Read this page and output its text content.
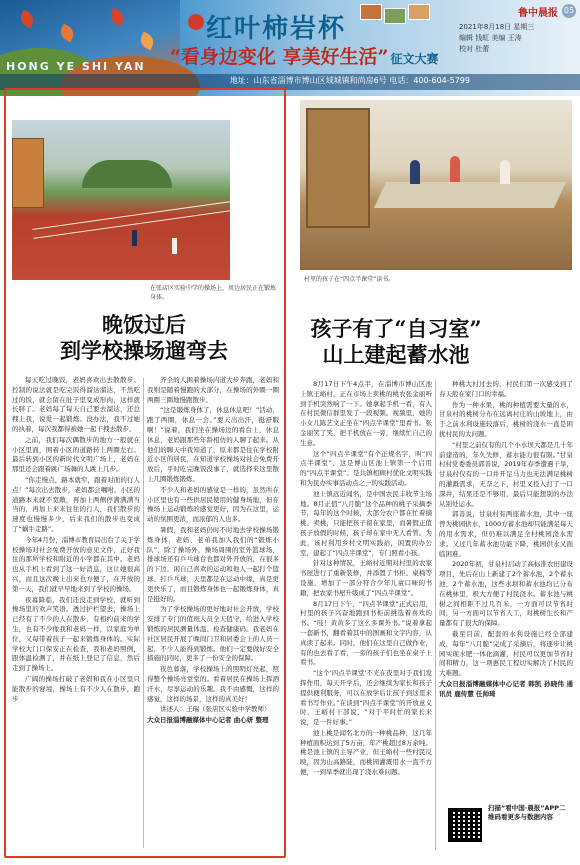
HONG YE SHI YAN
红叶柿岩杯
“看身边变化 享美好生活” 征文大赛
地址：山东省淄博市博山区域城镇和尚房6号 电话：400-604-5799
鲁中晨报 05
2021年8月18日 星期三
编辑 钱虹 美编 王涛
校对 杜蕾
在张店区实验中学的操场上，周边居民正在锻炼身体。
晚饭过后
到学校操场遛弯去

每天吃过晚饭，老妈喜欢出去散散步。控制的说法就是吃完饭得溜达溜达，不然吃过的饭，就会留在肚子里变成形肉，这样就长胖了。老妈每了每天自己要去溜达，还总拽上我，说爱一起锻炼。没办法，我不过她的执着，每次我都得被她一起干拽去散步。

之前，我们每次偶散步的地方一般就在小区里面，围着小区的道路转上两圈左右。最后转到小区的新时代文明广场上，老妈在那里还会跟着跳广场舞的人跳上几步。

“你走慢点，路本就窄，跟着对面的行人点！”每次出去散步，老妈都会嘱咐。小区的道路本来就不宽敞，再加上两侧停满满满当当的，再加上来来往往的行人，我们散步的速度也慢慢多少，后来我们的散步也变成了“蜗牛走路”。

今年4月份，淄博市教育局出台了关于学校操场对社会免费开放的意见文件，正好我住的那所学校和附近的小学都在其中。老妈也从手机上看到了这一好消息，这让她很高兴，而且这次晚上出来也方便了，在开放的第一天，我们就早早地来到了学校的操场。

夜幕降临，我们还没走到学校，就听到操场里的欢声笑语。透过护栏望去，操场上已经有了不少的人在散步，有相约前来的学生，也有不少像我和老妈一样，以家庭为单位，又每带着孩子一起来锻炼身体的。实际学校大门口保安正在检查，我和老妈照例，跟体温检测了，并在纸上登记了信息，然后走到了操场上。

广阔的操场打破了老妈和我在小区里只能散步的窘境，操场上有不少人在散步，跑步

齐全的人围着操场内道大步奔跑，老妈和我则是随着慢跑的大部分，在操场的外圈一圈两圈三圈地慢跑散步。

“这是锻炼身体了，休息休息吧！”活动，跑了两圈，休息一会。”要天出出汗，挺舒服啊！”说着，我们坐在操场边的看台上，休息休息，老妈跟那些年龄相仿的人聊了起来。从他们的聊天中我知道了，原来都是住在学校附近小区的居民，在知道学校操场对社会免费开放后，平时吃完晚饭没事了，就选择来这里散上几圈锻炼锻炼。

不少人和老妈的感觉是一样的，虽然所在小区里也有一些供居民使用的健身场地，但在操场上运动锻炼的感觉更好，因为在这里，运动的氛围更浓，而浓郁的人也多。

暑假，我和老妈仍时不时地去学校操场锻炼身体，老妈、老弟我加入我们的“锻炼小队”，除了操场外，操场周围的室外篮球场，排球场还有乒乓球台也都对外开放的，在很多的下边，闲自己喜欢的运动和他人一起打个篮球、打乒乓球，天里都是在运动中缘，真是更更快乐了，而且锻炼身体也一起锻炼身体，真是挺好的。

为了学校操场的更好地对社会开放，学校安排了专门的值班人员全天值守，给进入学校锻炼的居民测量体温、检查健康码。我老妈在社区居民开展了晚间门卫和居委会上的人员一起，不少人能得到锻炼。他们一定要做好安全措施的同时，更多了一份安全的保障。

夜色暮落，学校操场上的照明灯亮起，照得整个操场亮堂堂的。看着居民在操场上挥洒汗水，尽享运动的乐趣。我不由感慨，这样的感觉，这样的场景，这样的真美好！

讲述人：王瑞（张店区实验中学教师）

大众日报淄博融媒体中心记者 曲心妍 整理

村里的孩子在“四点半课堂”读书。
孩子有了“自习室”
山上建起蓄水池

8月17日下午4点半，在淄博市博山区池上镇王峪村，正在市场上卖桃的桃农张金丽听到手机突然响了一下。她拿起手机一看，有人在村民微信群里发了一段视频。视频里，她的小女儿陈艺文正坐在“四点半课堂”里看书。张金丽笑了笑，把手机放在一旁，继续忙自己的生意。

这个“四点半课堂”有个正规名字，叫“四点半课堂”，这是博山区池上镇第一个启用的“四点半课堂”。是共镇相顾村优化文明实践和为民办实事活动点之一的实践活动。

池上镇远近闻名，是中国农民丰收节主场地。8月正值“八月脆”这个品种的桃子采摘季节，每年的这个时候，大部分农户都在忙着摘桃、卖桃，只能把孩子留在家里，而暑假正值孩子放假的时候，孩子却在家中无人看管。为此，该村利用乡村文明实践站，闲置的办公室，建起了“四点半课堂”，专门照看小孩。

针对这种情况，王峪村近期对村里的农家书屋进行了重新装修，并添置了书柜、桌椅等设施，增加了一部分符合少年儿童口味的书籍，把农家书屋升级成了“四点半课堂”。

8月17日下午，“四点半课堂”正式启用，村里的孩子兴奋地跑到书柜前挑选着喜欢的书。“哇！黄黄多了这么多课外书。”说着拿起一套新书，翻看着其中的图画和文字内容，认真读了起来。同时，他们在这里自己做作业，有的也去看了看，一旁的孩子们也坐在桌子上看书。

“这个‘四点半课堂’不光在夜里对于我们发挥作用，每天开学后，还会继续为家长和孩子提供便利服务，可以在放学后让孩子到这里来看书写作业。”在谈到“四点半课堂”的开放意义时，王峪村干部说，“对于平时忙的家长来说，是一件好事。”

池上桃是闻名北方的一种桃品种，这几年种植面积达到了5万亩，年产桃超过8万余吨。桃是池上镇的主导产业，但王峪村一些村民反映，因为山高路陡，而桃园灌溉用水一直不方便，一到旱季就出现了浇水难问题。

种桃大村过去的，村民们第一次感受到了春天般在家门口的幸福。

作为一种水果，桃的种植需要大量的水，甘泉村的桃树分布在远离村庄的山坡地上，由于之前水利设施较落后，桃树的浇水一直是困扰村民的大问题。

“村里之前仅有的几个小水坝大都是几十年前建造的，年久失修，蓄水能力很有限。”甘泉村村党委委员郭善说，2019年春季遭遇干旱，甘泉村仅有的一口井开足马力也无法满足桃树的灌溉需求，无奈之下，村里又投入打了一口深井，结果还是不够用，最后只能想别的办法从别处运水。

郭善说，甘泉村有两座蓄水池，其中一座曾为桃园供水，1000方蓄水池却只能满足每天的用水需求，但仍难以满足全村桃园浇水需求。又过几年蓄水池功能下降，桃园供水又面临困难。

2020年初，甘泉村启动了高标准农田建设项目，先后在山上新建了2个蓄水池，2个蓄水池，2个蓄水池，这些水坝和蓄水池均已分布在桃林里，极大方便了村民浇水。蓄水池与桃树之间相距不过几百米，一方面可以节省时间，另一方面可以节省人工，对桃树生长和产量都有了很大的保障。

截至目前，配套的水利设施已经全部建成，每年“八月脆”完成了采摘后，将逐步让桃园实现水肥一体化滴灌，村民可以更加节省时间和精力，这一项惠民工程切实解决了村民的大难题。

大众日报淄博融媒体中心记者 韩凯 孙晓伟 通讯员 鹿传慧 任帅琦

扫描“看中国·晨报”APP二维码看更多与数据内容
